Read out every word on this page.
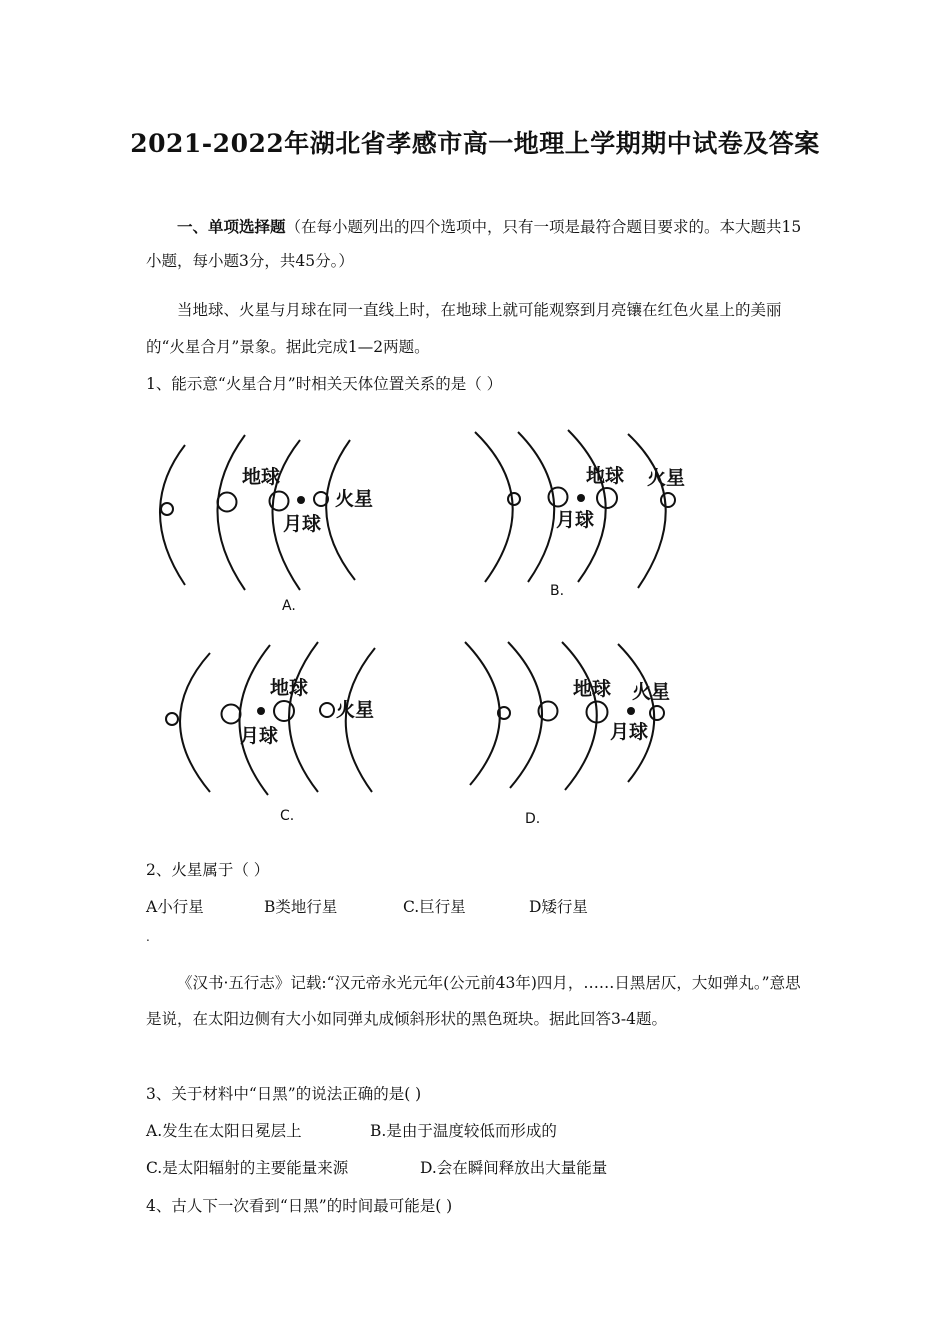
2021-2022年湖北省孝感市高一地理上学期期中试卷及答案
一、单项选择题（在每小题列出的四个选项中，只有一项是最符合题目要求的。本大题共15小题，每小题3分，共45分。）
当地球、火星与月球在同一直线上时，在地球上就可能观察到月亮镶在红色火星上的美丽的“火星合月”景象。据此完成1—2两题。
1、能示意“火星合月”时相关天体位置关系的是（ ）
地球
月球
火星
地球
月球
火星
地球
月球
火星
地球
月球
火星
A.
B.
C.	D.
2、火星属于（ ）
A小行星	B类地行星	C.巨行星	D矮行星
.
《汉书·五行志》记载:“汉元帝永光元年(公元前43年)四月，……日黑居仄，大如弹丸。”意思是说，在太阳边侧有大小如同弹丸成倾斜形状的黑色斑块。据此回答3-4题。
3、关于材料中“日黑”的说法正确的是( )
A.发生在太阳日冕层上	B.是由于温度较低而形成的
C.是太阳辐射的主要能量来源	D.会在瞬间释放出大量能量
4、古人下一次看到“日黑”的时间最可能是( )
